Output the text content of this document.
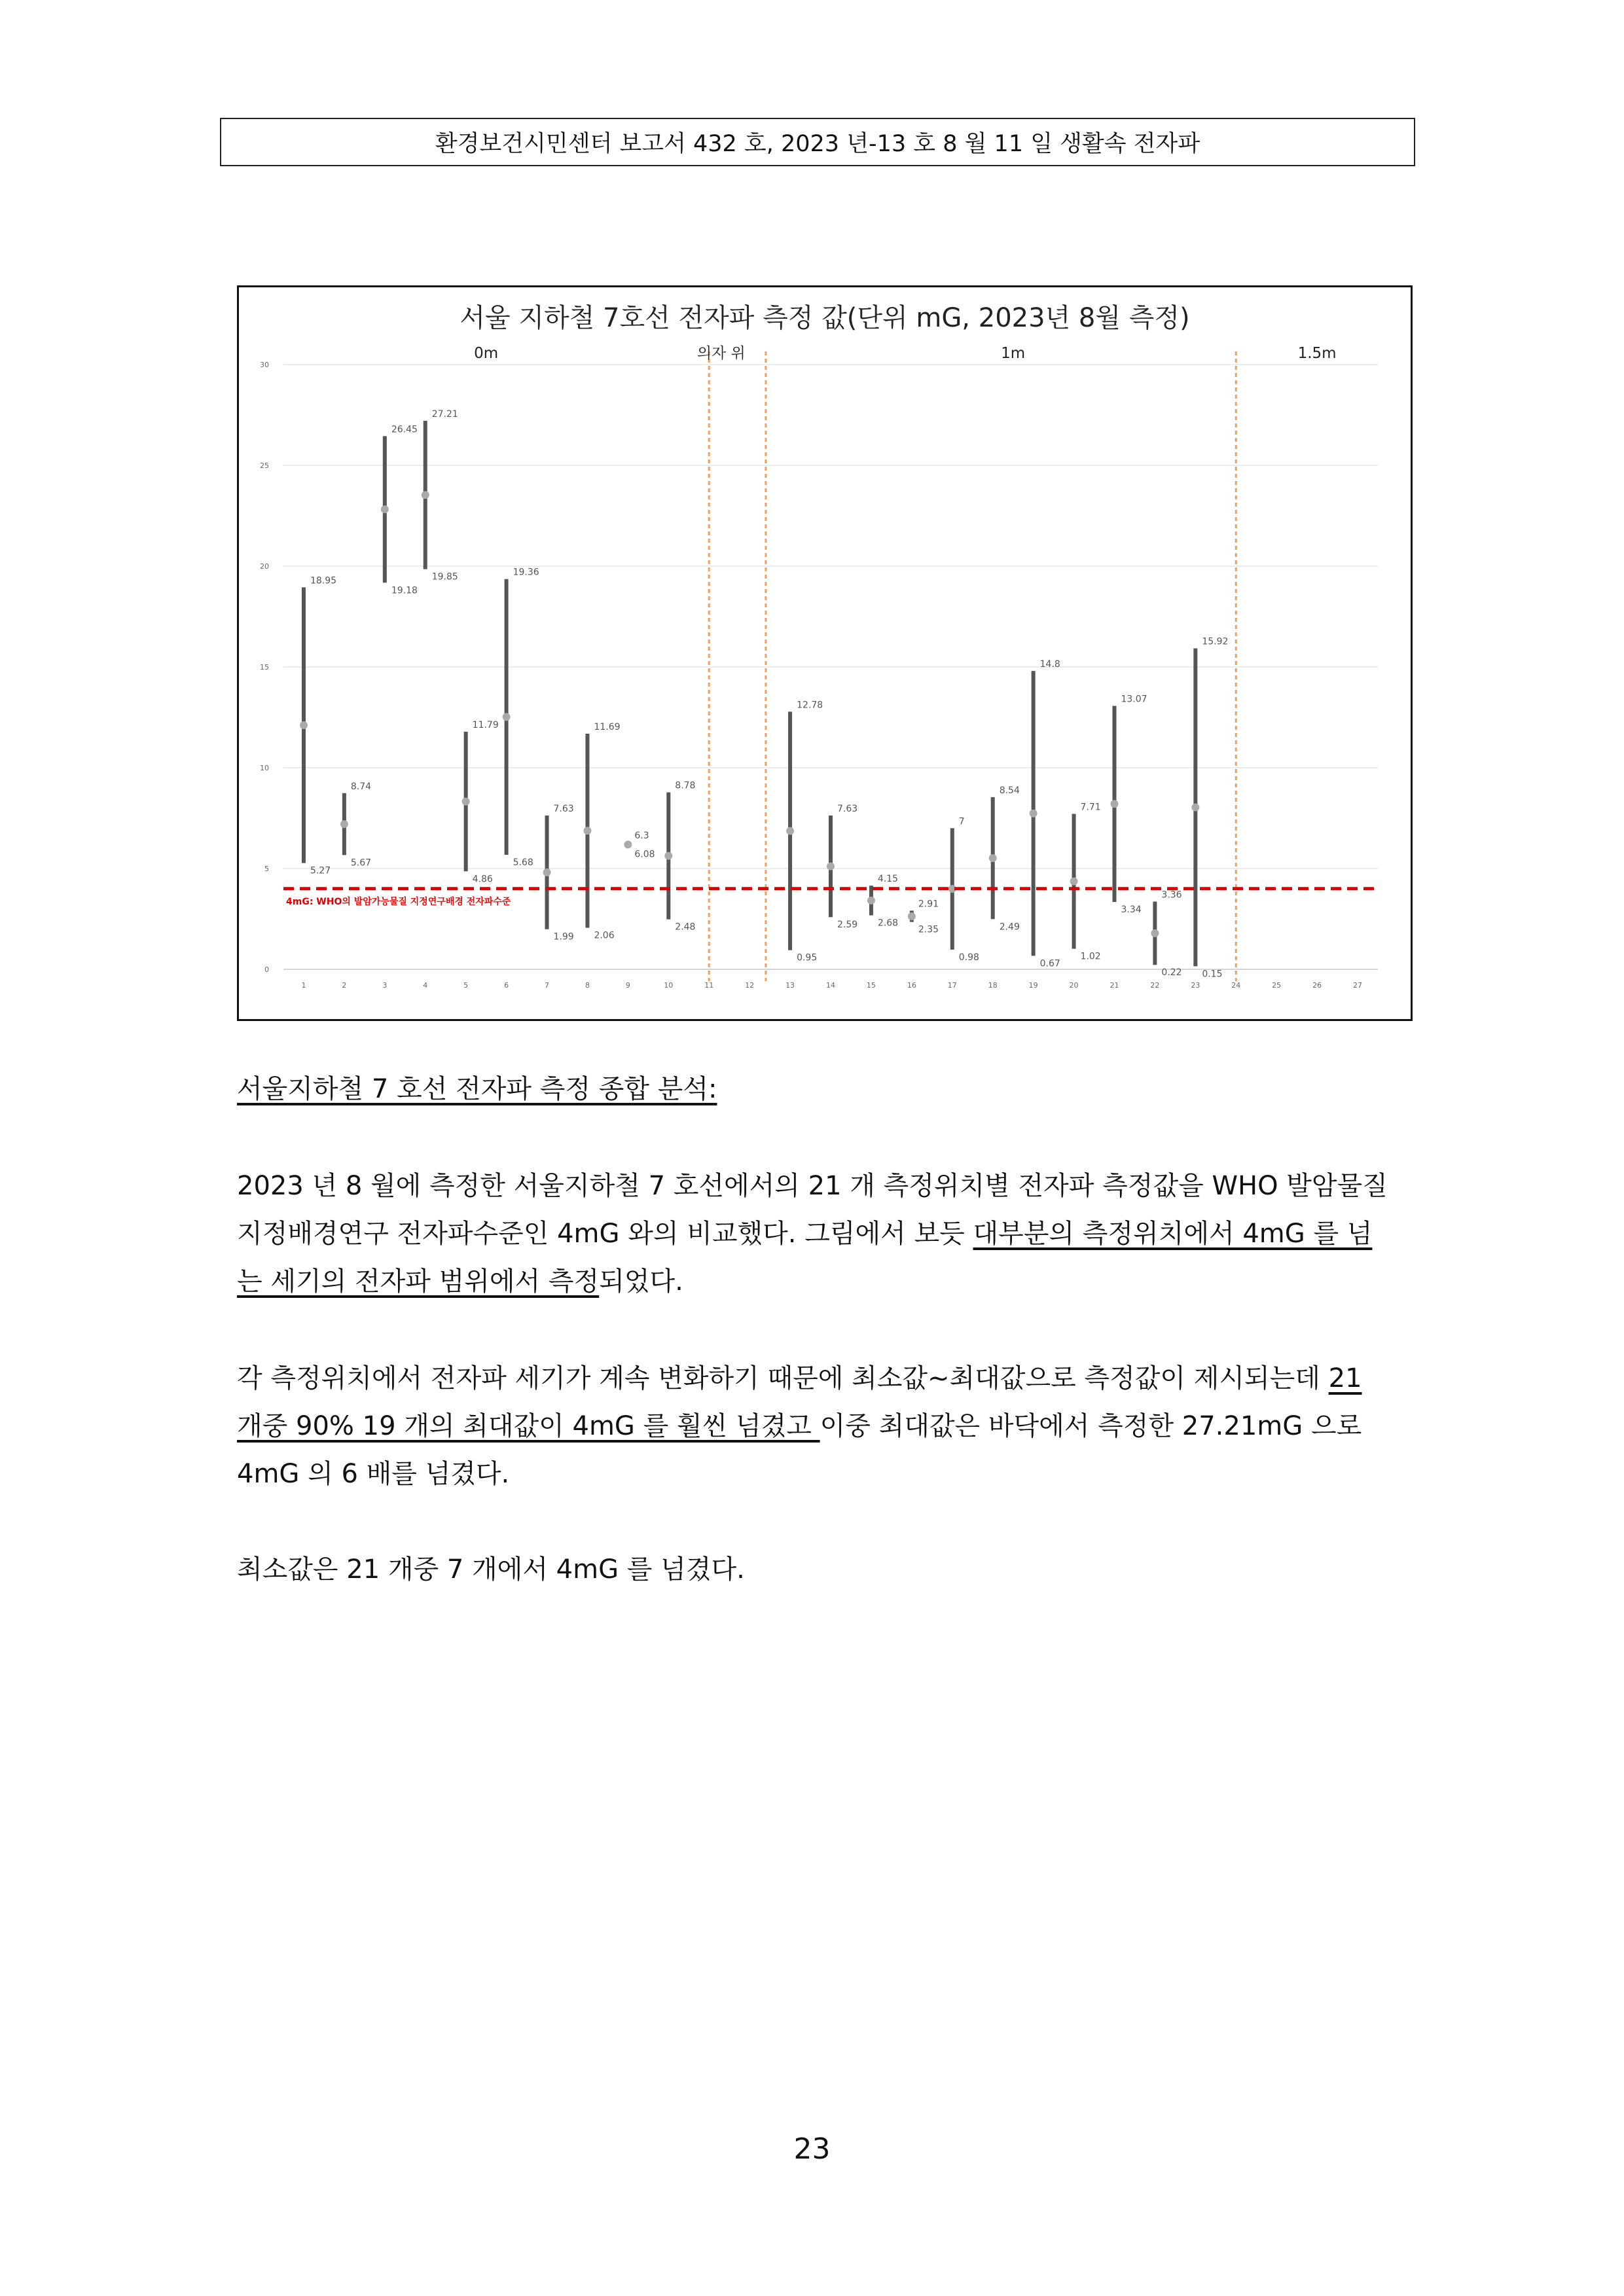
환경보건시민센터 보고서 432 호, 2023 년-13 호 8 월 11 일 생활속 전자파
4mG: WHO의 발암가능물질 지정연구배경 전자파수준
0m	의자 위	1m	1.5m
18.95
5.27
8.74
5.67
26.45
19.18
27.21
19.85
11.79
4.86
19.36
5.68
7.63
1.99
11.69
2.06
6.3
6.08
8.78
2.48
12.78
0.95
7.63
2.59
4.15
2.68
2.91
2.35
7
0.98
8.54
2.49
14.8
0.67
7.71
1.02
13.07
3.34
3.36
0.22
15.92
0.15
0
5
10
15
20
25
30
1	2	3	4	5	6	7	8	9	10	11	12	13	14	15	16	17	18	19	20	21	22	23	24	25	26	27
서울 지하철 7호선 전자파 측정 값(단위 mG, 2023년 8월 측정)
서울지하철 7 호선 전자파 측정 종합 분석:

2023 년 8 월에 측정한 서울지하철 7 호선에서의 21 개 측정위치별 전자파 측정값을 WHO 발암물질 지정배경연구 전자파수준인 4mG 와의 비교했다. 그림에서 보듯 대부분의 측정위치에서 4mG 를 넘는 세기의 전자파 범위에서 측정되었다.

각 측정위치에서 전자파 세기가 계속 변화하기 때문에 최소값~최대값으로 측정값이 제시되는데 21 개중 90% 19 개의 최대값이 4mG 를 훨씬 넘겼고 이중 최대값은 바닥에서 측정한 27.21mG 으로 4mG 의 6 배를 넘겼다.

최소값은 21 개중 7 개에서 4mG 를 넘겼다.

23
